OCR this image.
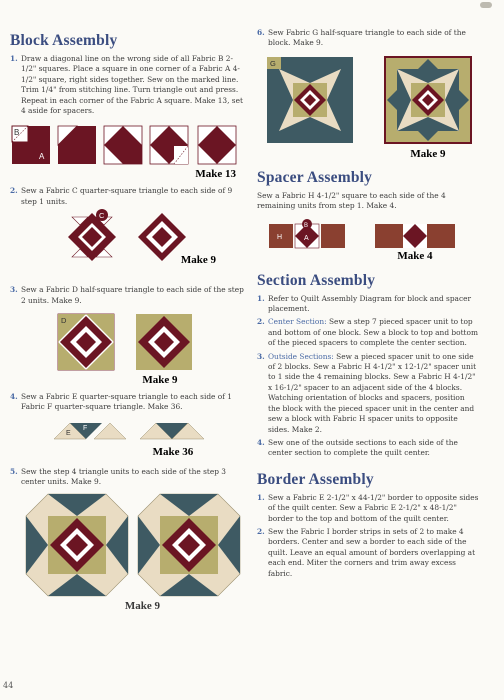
Block Assembly
1. Draw a diagonal line on the wrong side of all Fabric B 2-1/2" squares. Place a square in one corner of a Fabric A 4-1/2" square, right sides together. Sew on the marked line. Trim 1/4" from stitching line. Turn triangle out and press. Repeat in each corner of the Fabric A square. Make 13, set 4 aside for spacers.
B
A
Make 13
2. Sew a Fabric C quarter-square triangle to each side of 9 step 1 units.
C
Make 9
3. Sew a Fabric D half-square triangle to each side of the step 2 units. Make 9.
D
Make 9
4. Sew a Fabric E quarter-square triangle to each side of 1 Fabric F quarter-square triangle. Make 36.
E
F
Make 36
5. Sew the step 4 triangle units to each side of the step 3 center units. Make 9.
Make 9
6. Sew Fabric G half-square triangle to each side of the block. Make 9.
G
Make 9
Spacer Assembly
Sew a Fabric H 4-1/2" square to each side of the 4 remaining units from step 1. Make 4.
H	A
B
Make 4
Section Assembly
1. Refer to Quilt Assembly Diagram for block and spacer placement.
2. Center Section: Sew a step 7 pieced spacer unit to top and bottom of one block. Sew a block to top and bottom of the pieced spacers to complete the center section.
3. Outside Sections: Sew a pieced spacer unit to one side of 2 blocks. Sew a Fabric H 4-1/2" x 12-1/2" spacer unit to 1 side the 4 remaining blocks. Sew a Fabric H 4-1/2" x 16-1/2" spacer to an adjacent side of the 4 blocks. Watching orientation of blocks and spacers, position the block with the pieced spacer unit in the center and sew a block with Fabric H spacer units to opposite sides. Make 2.
4. Sew one of the outside sections to each side of the center section to complete the quilt center.
Border Assembly
1. Sew a Fabric E 2-1/2" x 44-1/2" border to opposite sides of the quilt center. Sew a Fabric E 2-1/2" x 48-1/2" border to the top and bottom of the quilt center.
2. Sew the Fabric I border strips in sets of 2 to make 4 borders. Center and sew a border to each side of the quilt. Leave an equal amount of borders overlapping at each end. Miter the corners and trim away excess fabric.
44
